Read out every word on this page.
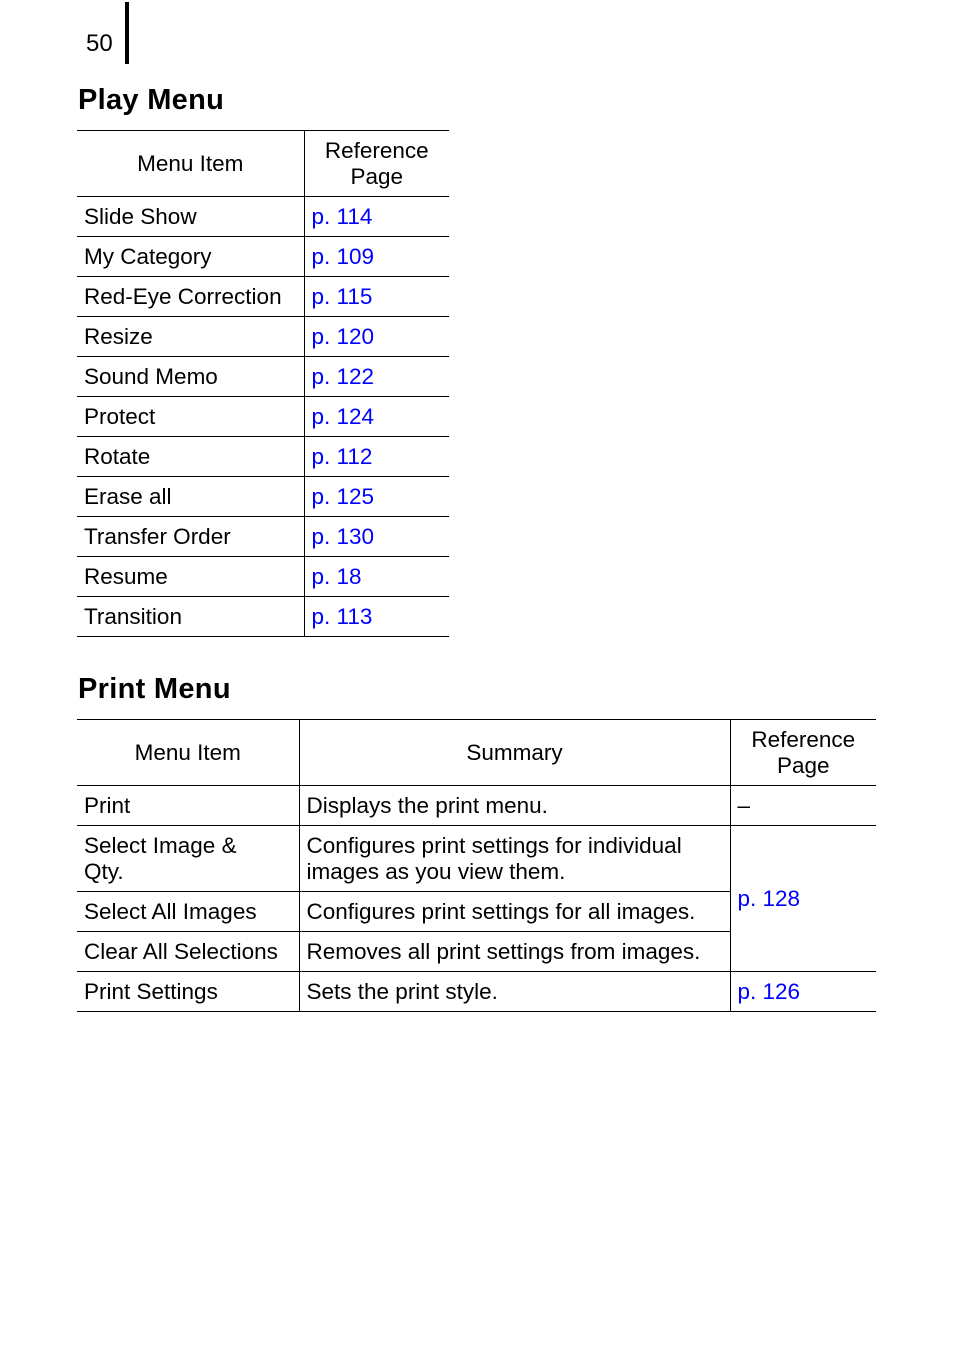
50
Play Menu
Menu Item	Reference Page
Slide Show	p. 114
My Category	p. 109
Red-Eye Correction	p. 115
Resize	p. 120
Sound Memo	p. 122
Protect	p. 124
Rotate	p. 112
Erase all	p. 125
Transfer Order	p. 130
Resume	p. 18
Transition	p. 113
Print Menu
Menu Item	Summary	Reference Page
Print	Displays the print menu.	–
Select Image & Qty.	Configures print settings for individual images as you view them.	p. 128
Select All Images	Configures print settings for all images.	
Clear All Selections	Removes all print settings from images.	
Print Settings	Sets the print style.	p. 126
